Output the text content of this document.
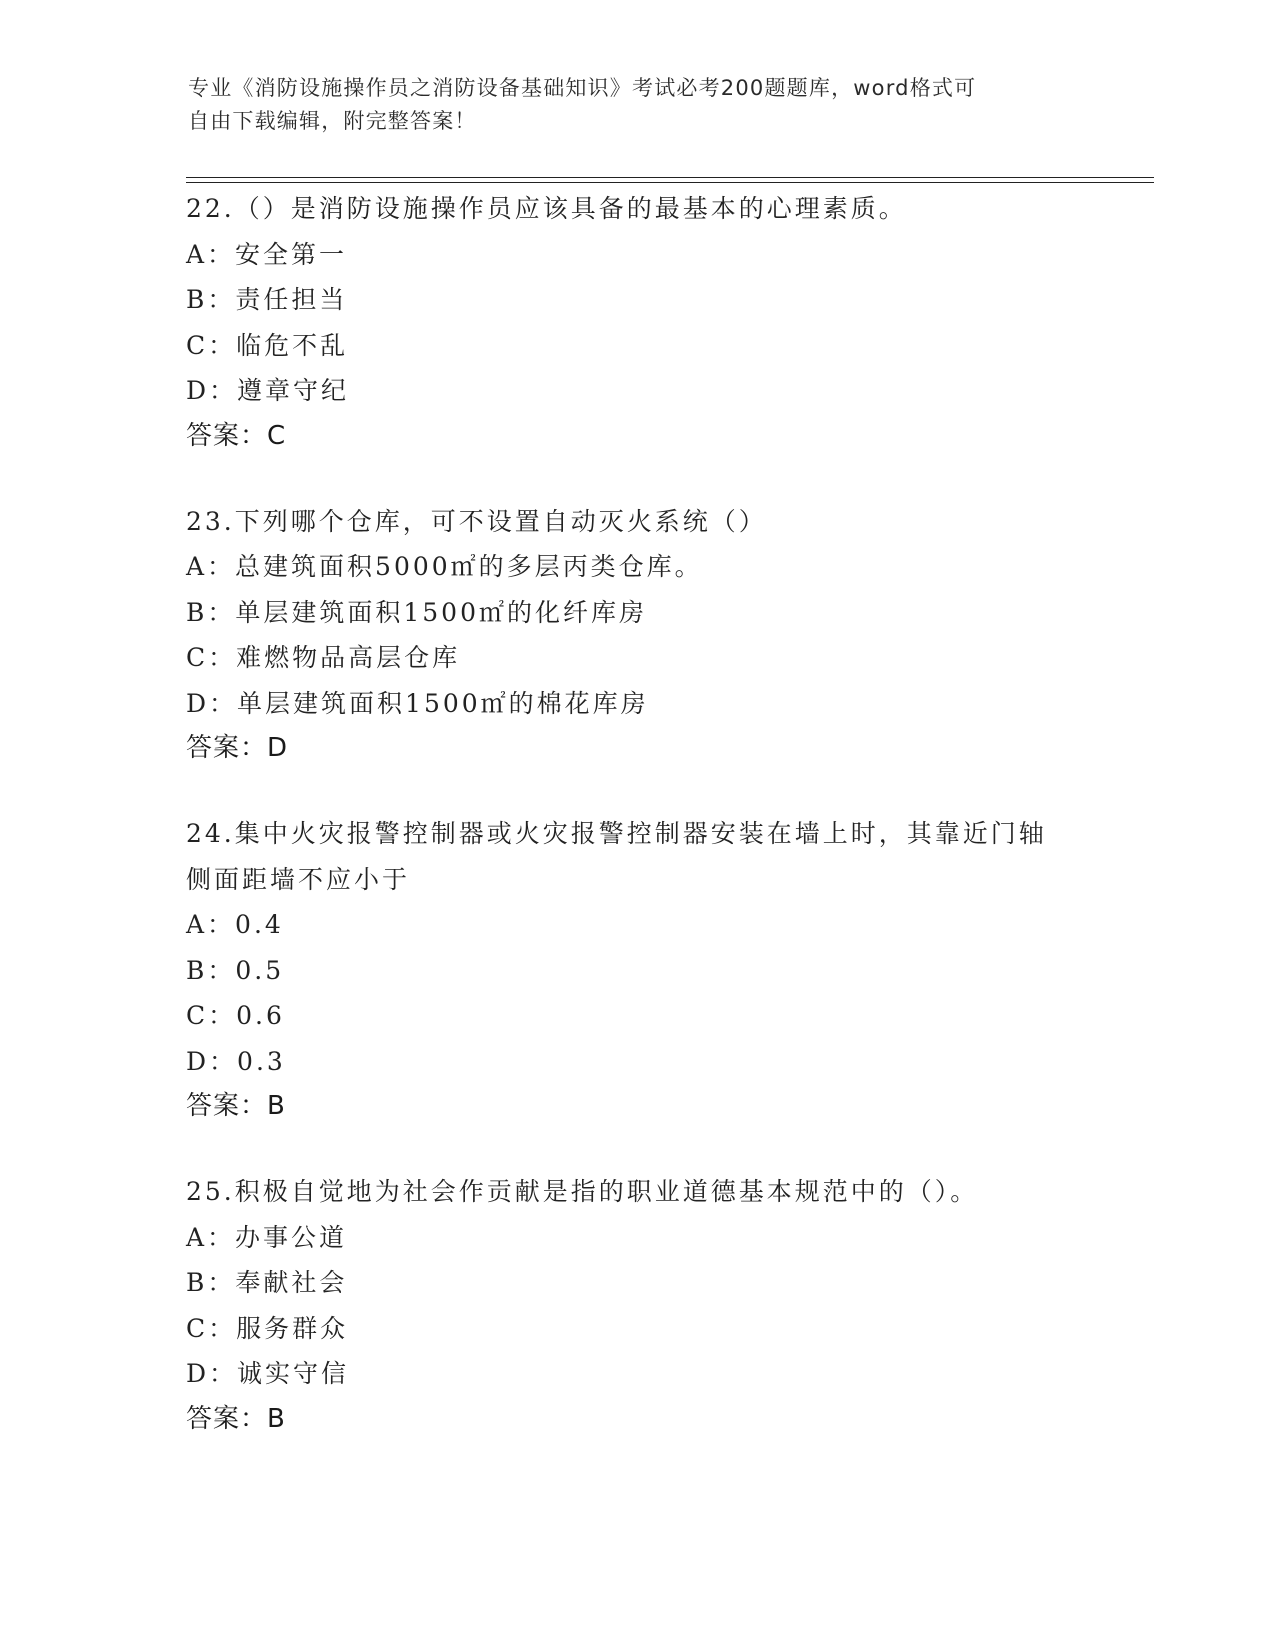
专业《消防设施操作员之消防设备基础知识》考试必考200题题库，word格式可
自由下载编辑，附完整答案！

22.（）是消防设施操作员应该具备的最基本的心理素质。

A：安全第一

B：责任担当

C：临危不乱

D：遵章守纪

答案：C

23.下列哪个仓库，可不设置自动灭火系统（）

A：总建筑面积5000㎡的多层丙类仓库。

B：单层建筑面积1500㎡的化纤库房

C：难燃物品高层仓库

D：单层建筑面积1500㎡的棉花库房

答案：D

24.集中火灾报警控制器或火灾报警控制器安装在墙上时，其靠近门轴

侧面距墙不应小于

A：0.4

B：0.5

C：0.6

D：0.3

答案：B

25.积极自觉地为社会作贡献是指的职业道德基本规范中的（）。

A：办事公道

B：奉献社会

C：服务群众

D：诚实守信

答案：B
